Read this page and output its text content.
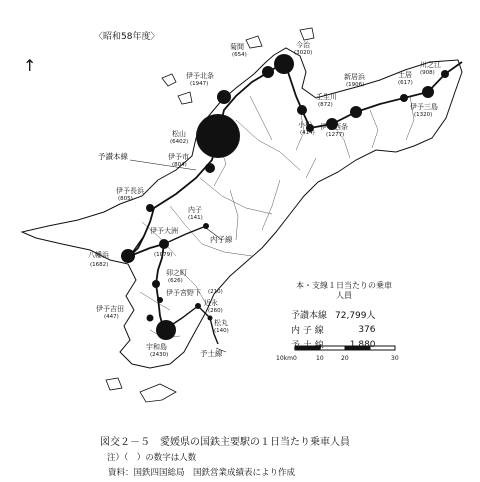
〈昭和58年度〉
↑
予讃本線
内子線
予土線
菊間
(654)
今治
(3020)
伊予北条
(1947)
松山
(6402)
伊予市
(804)
伊予長浜
(805)
内子
(141)
伊予大洲
(1079)
八幡浜
(1682)
卯之町
(626)
伊予宮野下 (210)
伊予吉田
(447)
近永
(260)
松丸
(140)
宇和島
(2430)
新居浜
(1906)
土居
(617)
川之江
(908)
伊予三島
(1320)
小松
(414)
伊予西条
(1277)
壬生川
(872)
本・支線１日当たりの乗車人員
予讃本線	72,799人
内 子 線	376
予 土 線	1,880
10km 0	10	20	30
図交２－５　愛媛県の国鉄主要駅の１日当たり乗車人員
注）（　）の数字は人数
資料：国鉄四国総局　国鉄営業成績表により作成
